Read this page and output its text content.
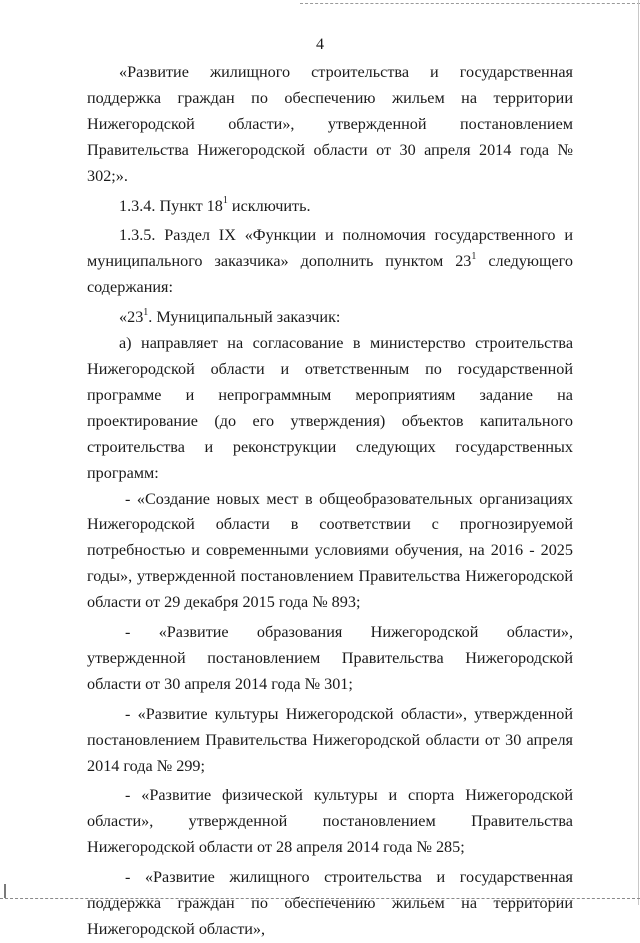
4

«Развитие жилищного строительства и государственная поддержка граждан по обеспечению жильем на территории Нижегородской области», утвержденной постановлением Правительства Нижегородской области от 30 апреля 2014 года № 302;».

1.3.4. Пункт $18^1$ исключить.

1.3.5. Раздел IX «Функции и полномочия государственного и муниципального заказчика» дополнить пунктом $23^1$ следующего содержания:

«$23^1$. Муниципальный заказчик:

а) направляет на согласование в министерство строительства Нижегородской области и ответственным по государственной программе и непрограммным мероприятиям задание на проектирование (до его утверждения) объектов капитального строительства и реконструкции следующих государственных программ:

- «Создание новых мест в общеобразовательных организациях Нижегородской области в соответствии с прогнозируемой потребностью и современными условиями обучения, на 2016 - 2025 годы», утвержденной постановлением Правительства Нижегородской области от 29 декабря 2015 года № 893;

- «Развитие образования Нижегородской области», утвержденной постановлением Правительства Нижегородской области от 30 апреля 2014 года № 301;

- «Развитие культуры Нижегородской области», утвержденной постановлением Правительства Нижегородской области от 30 апреля 2014 года № 299;

- «Развитие физической культуры и спорта Нижегородской области», утвержденной постановлением Правительства Нижегородской области от 28 апреля 2014 года № 285;

- «Развитие жилищного строительства и государственная поддержка граждан по обеспечению жильем на территории Нижегородской области»,
